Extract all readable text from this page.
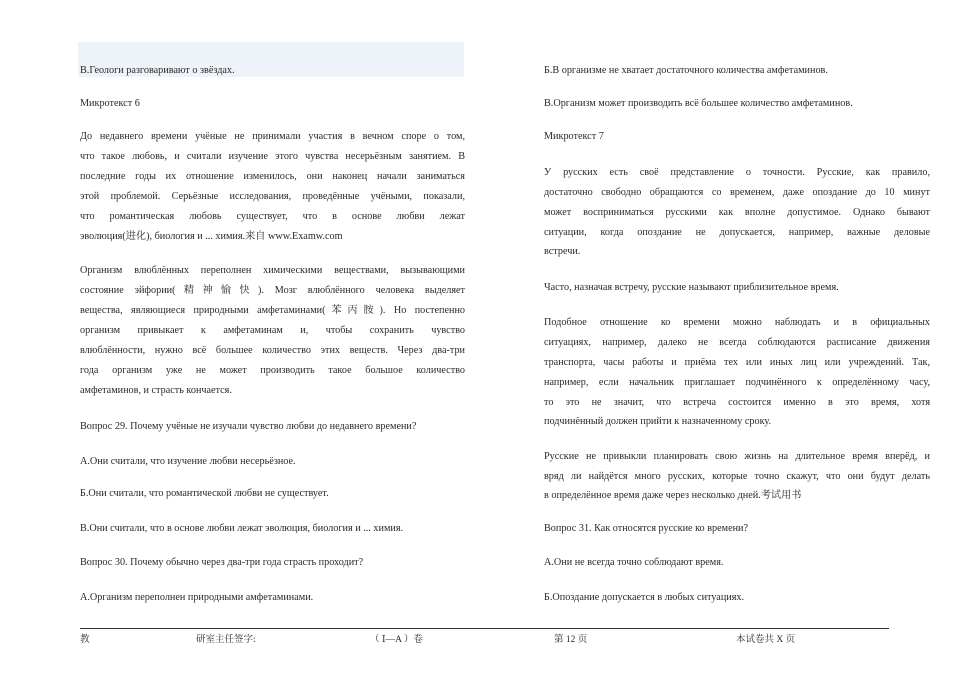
В.Геологи разговаривают о звёздах.
Микротекст 6
До недавнего времени учёные не принимали участия в вечном споре о том,
что такое любовь, и считали изучение этого чувства несерьёзным занятием. В
последние годы их отношение изменилось, они наконец начали заниматься
этой проблемой. Серьёзные исследования, проведённые учёными, показали,
что романтическая любовь существует, что в основе любви лежат
эволюция(进化), биология и ... химия.来自 www.Examw.com
Организм влюблённых переполнен химическими веществами, вызывающими
состояние эйфории(精神愉快). Мозг влюблённого человека выделяет
вещества, являющиеся природными амфетаминами(苯丙胺). Но постепенно
организм привыкает к амфетаминам и, чтобы сохранить чувство
влюблённости, нужно всё большее количество этих веществ. Через два-три
года организм уже не может производить такое большое количество
амфетаминов, и страсть кончается.
Вопрос 29. Почему учёные не изучали чувство любви до недавнего времени?
А.Они считали, что изучение любви несерьёзное.
Б.Они считали, что романтической любви не существует.
В.Они считали, что в основе любви лежат эволюция, биология и ... химия.
Вопрос 30. Почему обычно через два-три года страсть проходит?
А.Организм переполнен природными амфетаминами.
Б.В организме не хватает достаточного количества амфетаминов.
В.Организм может производить всё большее количество амфетаминов.
Микротекст 7
У русских есть своё представление о точности. Русские, как правило,
достаточно свободно обращаются со временем, даже опоздание до 10 минут
может восприниматься русскими как вполне допустимое. Однако бывают
ситуации, когда опоздание не допускается, например, важные деловые
встречи.
Часто, назначая встречу, русские называют приблизительное время.
Подобное отношение ко времени можно наблюдать и в официальных
ситуациях, например, далеко не всегда соблюдаются расписание движения
транспорта, часы работы и приёма тех или иных лиц или учреждений. Так,
например, если начальник приглашает подчинённого к определённому часу,
то это не значит, что встреча состоится именно в это время, хотя
подчинённый должен прийти к назначенному сроку.
Русские не привыкли планировать свою жизнь на длительное время вперёд, и
вряд ли найдётся много русских, которые точно скажут, что они будут делать
в определённое время даже через несколько дней.考试用书
Вопрос 31. Как относятся русские ко времени?
А.Они не всегда точно соблюдают время.
Б.Опоздание допускается в любых ситуациях.
教	研室主任签字:	（ Ⅰ—A ）卷	第 12 页	本试卷共 X 页
